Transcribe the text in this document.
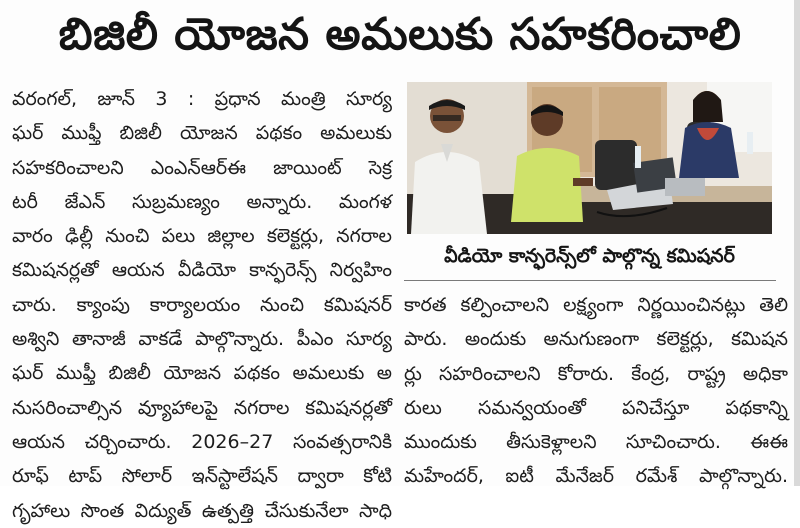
బిజిలీ యోజన అమలుకు సహకరించాలి
వరంగల్‌, జూన్‌ 3 : ప్రధాన మంత్రి సూర్య
ఘర్‌ ముఫ్తీ బిజిలీ యోజన పథకం అమలుకు
సహకరించాలని ఎంఎన్‌ఆర్‌ఈ జాయింట్‌ సెక్ర
టరీ జేఎన్‌ సుబ్రమణ్యం అన్నారు. మంగళ
వారం ఢిల్లీ నుంచి పలు జిల్లాల కలెక్టర్లు, నగరాల
కమిషనర్లతో ఆయన వీడియో కాన్ఫరెన్స్‌ నిర్వహిం
చారు. క్యాంపు కార్యాలయం నుంచి కమిషనర్‌
అశ్విని తానాజీ వాకడే పాల్గొన్నారు. పీఎం సూర్య
ఘర్‌ ముఫ్తీ బిజిలీ యోజన పథకం అమలుకు అ
నుసరించాల్సిన వ్యూహాలపై నగరాల కమిషనర్లతో
ఆయన చర్చించారు. 2026–27 సంవత్సరానికి
రూఫ్‌ టాప్‌ సోలార్‌ ఇన్‌స్టాలేషన్‌ ద్వారా కోటి
గృహాలు సొంత విద్యుత్‌ ఉత్పత్తి చేసుకునేలా సాధి
వీడియో కాన్ఫరెన్స్‌లో పాల్గొన్న కమిషనర్‌
కారత కల్పించాలని లక్ష్యంగా నిర్ణయించినట్లు తెలి
పారు. అందుకు అనుగుణంగా కలెక్టర్లు, కమిషన
ర్లు సహరించాలని కోరారు. కేంద్ర, రాష్ట్ర అధికా
రులు సమన్వయంతో పనిచేస్తూ పథకాన్ని
ముందుకు తీసుకెళ్లాలని సూచించారు. ఈఈ
మహేందర్‌, ఐటీ మేనేజర్‌ రమేశ్‌ పాల్గొన్నారు.
